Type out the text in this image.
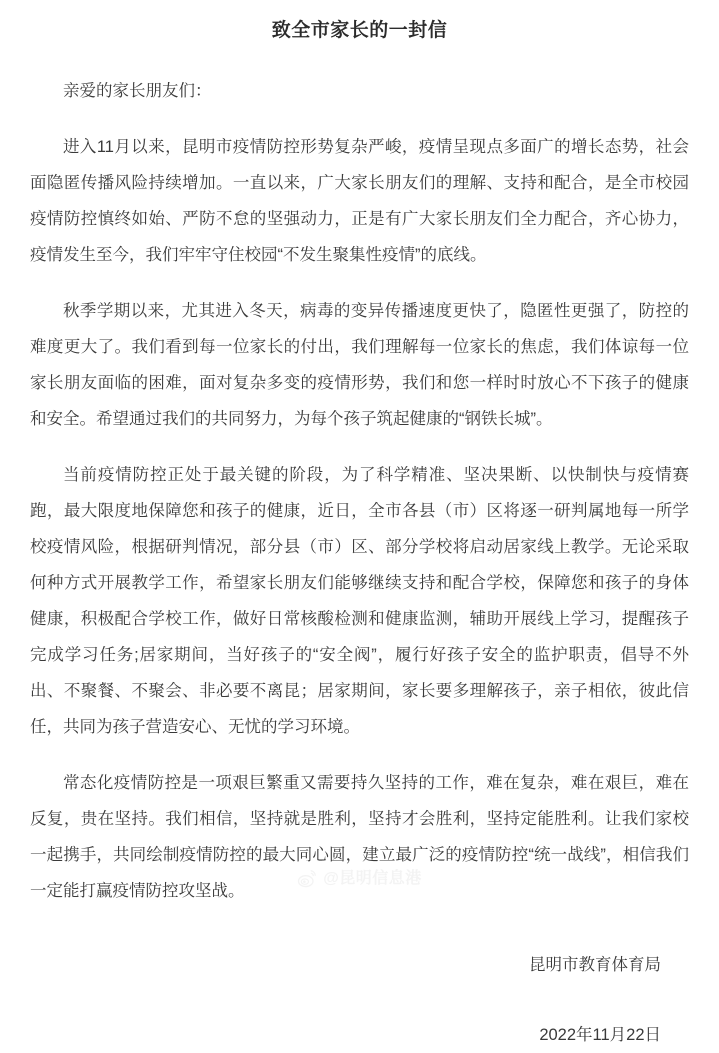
致全市家长的一封信

亲爱的家长朋友们：

进入11月以来，昆明市疫情防控形势复杂严峻，疫情呈现点多面广的增长态势，社会面隐匿传播风险持续增加。一直以来，广大家长朋友们的理解、支持和配合，是全市校园疫情防控慎终如始、严防不怠的坚强动力，正是有广大家长朋友们全力配合，齐心协力，疫情发生至今，我们牢牢守住校园“不发生聚集性疫情”的底线。

秋季学期以来，尤其进入冬天，病毒的变异传播速度更快了，隐匿性更强了，防控的难度更大了。我们看到每一位家长的付出，我们理解每一位家长的焦虑，我们体谅每一位家长朋友面临的困难，面对复杂多变的疫情形势，我们和您一样时时放心不下孩子的健康和安全。希望通过我们的共同努力，为每个孩子筑起健康的“钢铁长城”。

当前疫情防控正处于最关键的阶段，为了科学精准、坚决果断、以快制快与疫情赛跑，最大限度地保障您和孩子的健康，近日，全市各县（市）区将逐一研判属地每一所学校疫情风险，根据研判情况，部分县（市）区、部分学校将启动居家线上教学。无论采取何种方式开展教学工作，希望家长朋友们能够继续支持和配合学校，保障您和孩子的身体健康，积极配合学校工作，做好日常核酸检测和健康监测，辅助开展线上学习，提醒孩子完成学习任务;居家期间，当好孩子的“安全阀”，履行好孩子安全的监护职责，倡导不外出、不聚餐、不聚会、非必要不离昆；居家期间，家长要多理解孩子，亲子相依，彼此信任，共同为孩子营造安心、无忧的学习环境。

常态化疫情防控是一项艰巨繁重又需要持久坚持的工作，难在复杂，难在艰巨，难在反复，贵在坚持。我们相信，坚持就是胜利，坚持才会胜利，坚持定能胜利。让我们家校一起携手，共同绘制疫情防控的最大同心圆，建立最广泛的疫情防控“统一战线”，相信我们一定能打赢疫情防控攻坚战。

昆明市教育体育局
2022年11月22日
@昆明信息港
